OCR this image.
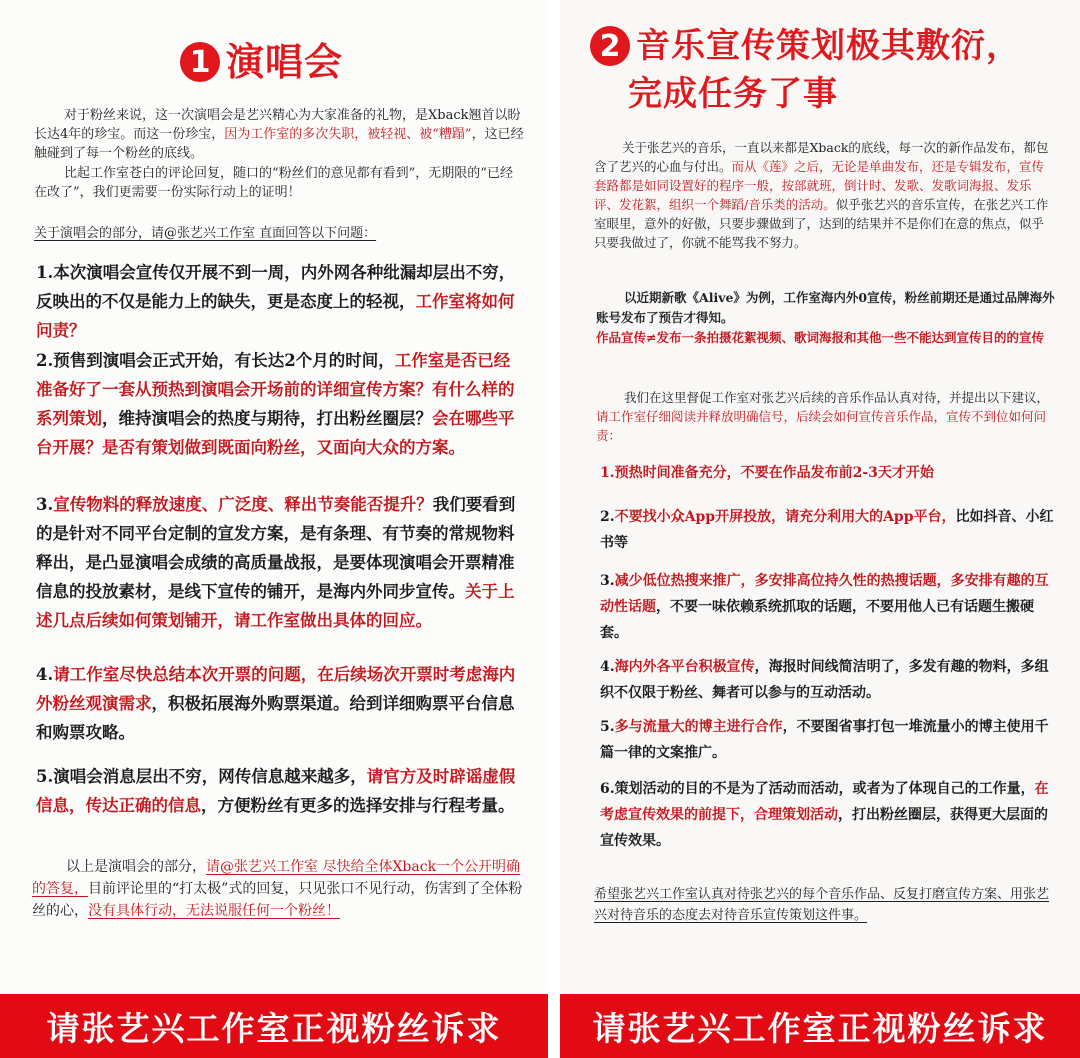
1 演唱会
对于粉丝来说，这一次演唱会是艺兴精心为大家准备的礼物，是Xback翘首以盼长达4年的珍宝。而这一份珍宝，因为工作室的多次失职，被轻视、被“糟蹋”，这已经触碰到了每一个粉丝的底线。
比起工作室苍白的评论回复，随口的“粉丝们的意见都有看到”，无期限的“已经在改了”，我们更需要一份实际行动上的证明！
关于演唱会的部分，请@张艺兴工作室 直面回答以下问题：
1.本次演唱会宣传仅开展不到一周，内外网各种纰漏却层出不穷，反映出的不仅是能力上的缺失，更是态度上的轻视，工作室将如何问责？
2.预售到演唱会正式开始，有长达2个月的时间，工作室是否已经准备好了一套从预热到演唱会开场前的详细宣传方案？有什么样的系列策划，维持演唱会的热度与期待，打出粉丝圈层？会在哪些平台开展？是否有策划做到既面向粉丝，又面向大众的方案。
3.宣传物料的释放速度、广泛度、释出节奏能否提升？我们要看到的是针对不同平台定制的宣发方案，是有条理、有节奏的常规物料释出，是凸显演唱会成绩的高质量战报，是要体现演唱会开票精准信息的投放素材，是线下宣传的铺开，是海内外同步宣传。关于上述几点后续如何策划铺开，请工作室做出具体的回应。
4.请工作室尽快总结本次开票的问题，在后续场次开票时考虑海内外粉丝观演需求，积极拓展海外购票渠道。给到详细购票平台信息和购票攻略。
5.演唱会消息层出不穷，网传信息越来越多，请官方及时辟谣虚假信息，传达正确的信息，方便粉丝有更多的选择安排与行程考量。
以上是演唱会的部分，请@张艺兴工作室 尽快给全体Xback一个公开明确的答复，目前评论里的“打太极”式的回复，只见张口不见行动，伤害到了全体粉丝的心，没有具体行动，无法说服任何一个粉丝！
2 音乐宣传策划极其敷衍，
完成任务了事
关于张艺兴的音乐，一直以来都是Xback的底线，每一次的新作品发布，都包含了艺兴的心血与付出。而从《莲》之后，无论是单曲发布，还是专辑发布，宣传套路都是如同设置好的程序一般，按部就班，倒计时、发歌、发歌词海报、发乐评、发花絮，组织一个舞蹈/音乐类的活动。似乎张艺兴的音乐宣传，在张艺兴工作室眼里，意外的好傲，只要步骤做到了，达到的结果并不是你们在意的焦点，似乎只要我做过了，你就不能骂我不努力。
以近期新歌《Alive》为例，工作室海内外0宣传，粉丝前期还是通过品牌海外账号发布了预告才得知。
作品宣传≠发布一条拍摄花絮视频、歌词海报和其他一些不能达到宣传目的的宣传
我们在这里督促工作室对张艺兴后续的音乐作品认真对待，并提出以下建议，请工作室仔细阅读并释放明确信号，后续会如何宣传音乐作品，宣传不到位如何问责：
1.预热时间准备充分，不要在作品发布前2-3天才开始
2.不要找小众App开屏投放，请充分利用大的App平台，比如抖音、小红书等
3.减少低位热搜来推广，多安排高位持久性的热搜话题，多安排有趣的互动性话题，不要一味依赖系统抓取的话题，不要用他人已有话题生搬硬套。
4.海内外各平台积极宣传，海报时间线简洁明了，多发有趣的物料，多组织不仅限于粉丝、舞者可以参与的互动活动。
5.多与流量大的博主进行合作，不要图省事打包一堆流量小的博主使用千篇一律的文案推广。
6.策划活动的目的不是为了活动而活动，或者为了体现自己的工作量，在考虑宣传效果的前提下，合理策划活动，打出粉丝圈层，获得更大层面的宣传效果。
希望张艺兴工作室认真对待张艺兴的每个音乐作品、反复打磨宣传方案、用张艺兴对待音乐的态度去对待音乐宣传策划这件事。
请张艺兴工作室正视粉丝诉求	请张艺兴工作室正视粉丝诉求
